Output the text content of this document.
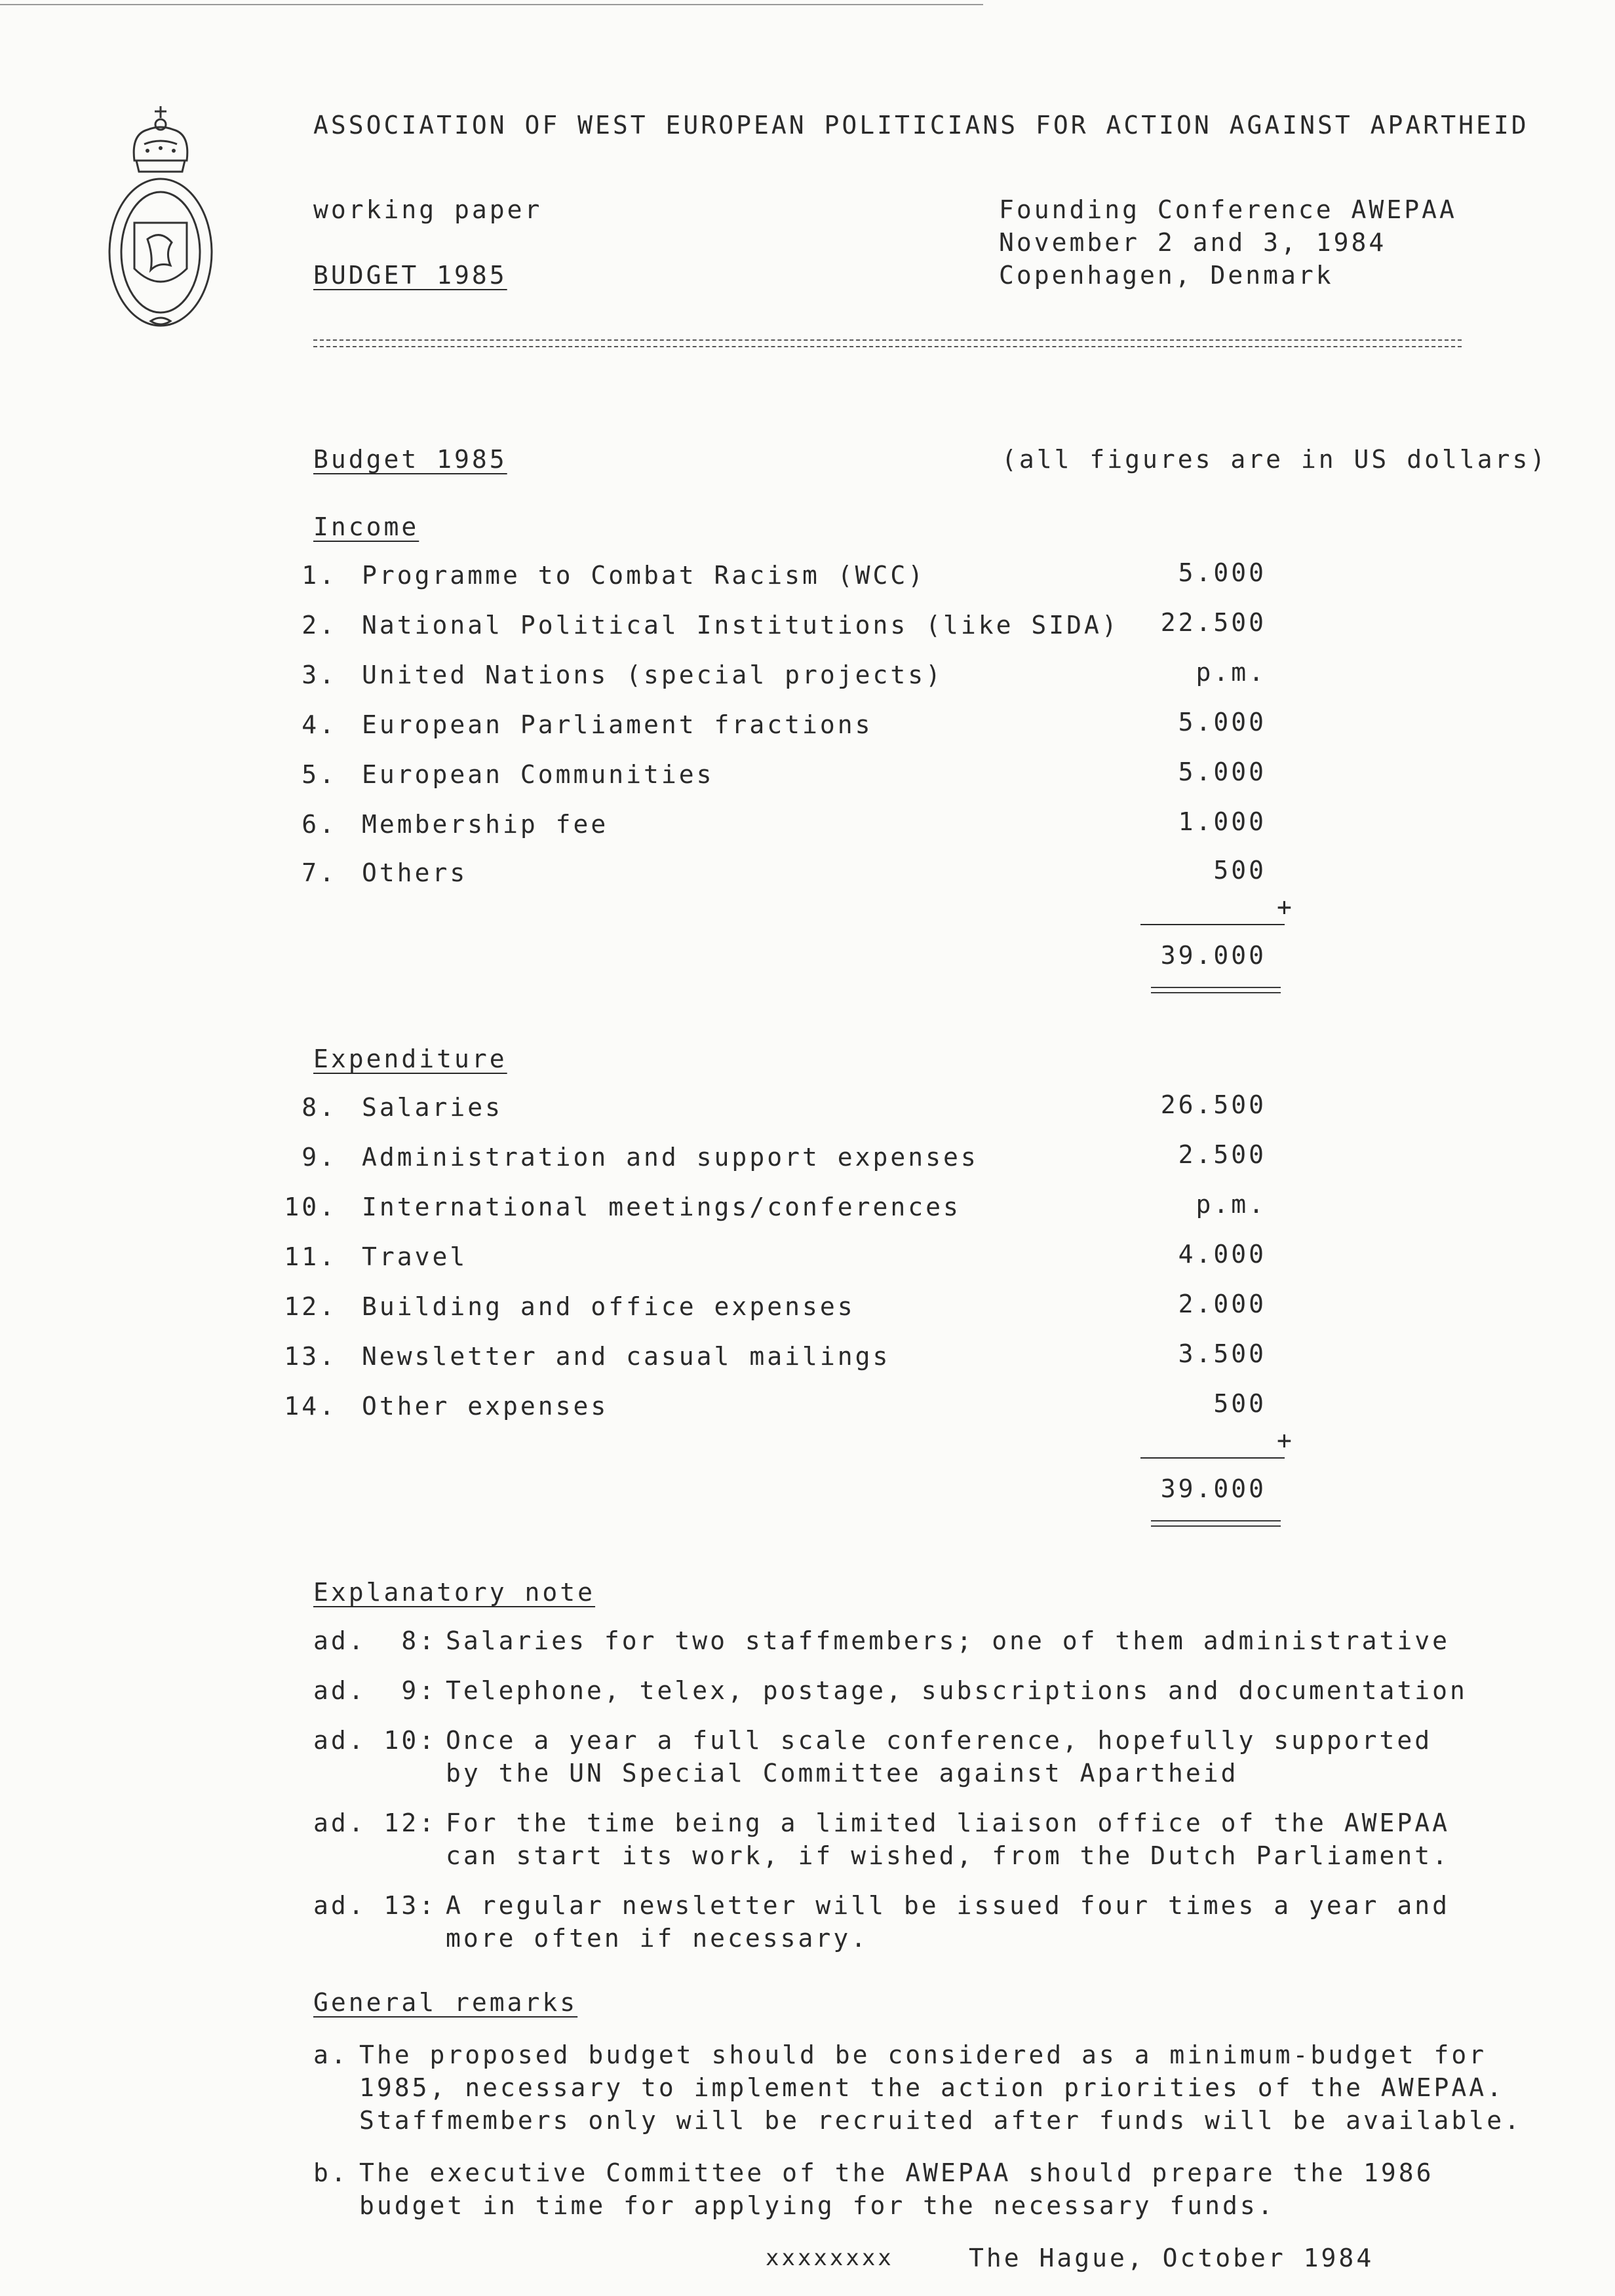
ASSOCIATION OF WEST EUROPEAN POLITICIANS FOR ACTION AGAINST APARTHEID
working paper
BUDGET 1985
Founding Conference AWEPAA
November 2 and 3, 1984
Copenhagen, Denmark
Budget 1985	(all figures are in US dollars)
Income
1. Programme to Combat Racism (WCC)	5.000
2. National Political Institutions (like SIDA)	22.500
3. United Nations (special projects)	p.m.
4. European Parliament fractions	5.000
5. European Communities	5.000
6. Membership fee	1.000
7. Others	500
+
39.000
Expenditure
8. Salaries	26.500
9. Administration and support expenses	2.500
10. International meetings/conferences	p.m.
11. Travel	4.000
12. Building and office expenses	2.000
13. Newsletter and casual mailings	3.500
14. Other expenses	500
+
39.000
Explanatory note
ad.  8: Salaries for two staffmembers; one of them administrative
ad.  9: Telephone, telex, postage, subscriptions and documentation
ad. 10: Once a year a full scale conference, hopefully supported
by the UN Special Committee against Apartheid
ad. 12: For the time being a limited liaison office of the AWEPAA
can start its work, if wished, from the Dutch Parliament.
ad. 13: A regular newsletter will be issued four times a year and
more often if necessary.
General remarks
a. The proposed budget should be considered as a minimum-budget for
1985, necessary to implement the action priorities of the AWEPAA.
Staffmembers only will be recruited after funds will be available.
b. The executive Committee of the AWEPAA should prepare the 1986
budget in time for applying for the necessary funds.
xxxxxxxx	The Hague, October 1984
